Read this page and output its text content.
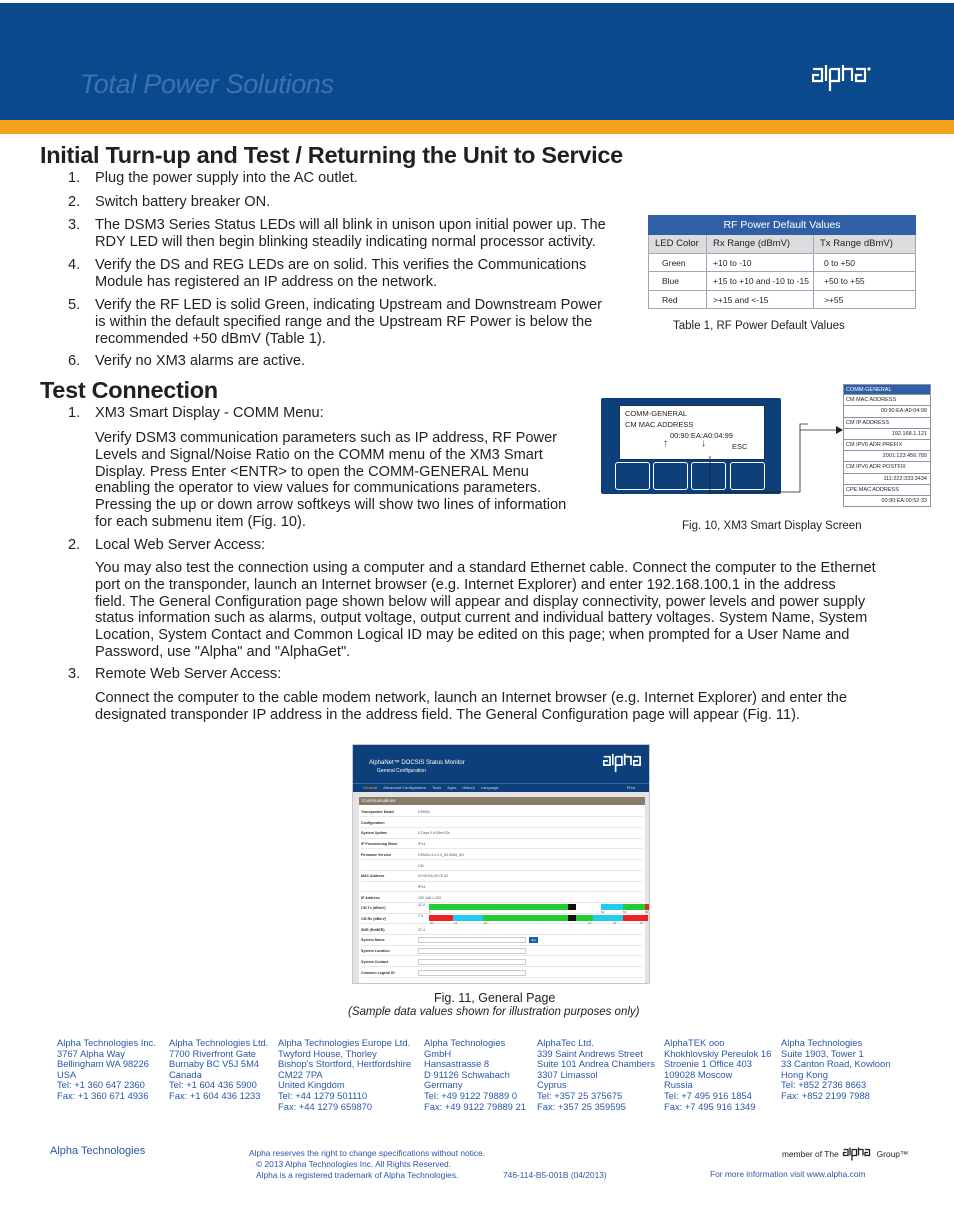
Total Power Solutions
Initial Turn-up and Test / Returning the Unit to Service
1. Plug the power supply into the AC outlet.
2. Switch battery breaker ON.
3. The DSM3 Series Status LEDs will all blink in unison upon initial power up. The
RDY LED will then begin blinking steadily indicating normal processor activity.
4. Verify the DS and REG LEDs are on solid. This verifies the Communications
Module has registered an IP address on the network.
5. Verify the RF LED is solid Green, indicating Upstream and Downstream Power
is within the default specified range and the Upstream RF Power is below the
recommended +50 dBmV (Table 1).
6. Verify no XM3 alarms are active.
RF Power Default Values
LED Color	Rx Range (dBmV)	Tx Range dBmV)
Green	+10 to -10	0 to +50
Blue	+15 to +10 and -10 to -15	+50 to +55
Red	>+15 and <-15	>+55
Table 1, RF Power Default Values
Test Connection
1. XM3 Smart Display - COMM Menu:
Verify DSM3 communication parameters such as IP address, RF Power
Levels and Signal/Noise Ratio on the COMM menu of the XM3 Smart
Display. Press Enter <ENTR> to open the COMM-GENERAL Menu
enabling the operator to view values for communications parameters.
Pressing the up or down arrow softkeys will show two lines of information
for each submenu item (Fig. 10).
2. Local Web Server Access:
You may also test the connection using a computer and a standard Ethernet cable. Connect the computer to the Ethernet
port on the transponder, launch an Internet browser (e.g. Internet Explorer) and enter 192.168.100.1 in the address
field. The General Configuration page shown below will appear and display connectivity, power levels and power supply
status information such as alarms, output voltage, output current and individual battery voltages. System Name, System
Location, System Contact and Common Logical ID may be edited on this page; when prompted for a User Name and
Password, use "Alpha" and "AlphaGet".
3. Remote Web Server Access:
Connect the computer to the cable modem network, launch an Internet browser (e.g. Internet Explorer) and enter the
designated transponder IP address in the address field. The General Configuration page will appear (Fig. 11).
COMM-GENERAL
CM MAC ADDRESS
00:90:EA:A0:04:99
↑	↓	ESC
COMM-GENERAL
CM MAC ADDRESS
00:90:EA:A0:04:99
CM IP ADDRESS
192.168.1.121
CM IPV6 ADR PREFIX
2001:123:456:789
CM IPV6 ADR POSTFIX
111:222:333:3434
CPE MAC ADDRESS
00:90:EA:00:52:33
Fig. 10, XM3 Smart Display Screen
AlphaNet™ DOCSIS Status Monitor
General Configuration
General Advanced Configuration Tools Apps History Language	Print
Communications
Transponder Model	DSM3x
Configuration
System Uptime	0 Days 0 h:05m:02s
IP Provisioning Mode	IPv4
Firmware Version	DSM3x-4.4.0.0_03.006d_SG
CM
MAC Address	00:90:EA:00:7E:42
IPv4
IP Address	192.168.1.163
CM Tx (dBmV)
42.0
0	30	50	60
CM Rx (dBmV)
7.5
-20	-15	-10	10	15	20
SNR (RxMER)	37.4
System Name	Set
System Location
System Contact
Common Logical ID
Fig. 11, General Page
(Sample data values shown for illustration purposes only)
Alpha Technologies Inc.
3767 Alpha Way
Bellingham WA 98226
USA
Tel: +1 360 647 2360
Fax: +1 360 671 4936
Alpha Technologies Ltd.
7700 Riverfront Gate
Burnaby BC V5J 5M4
Canada
Tel: +1 604 436 5900
Fax: +1 604 436 1233
Alpha Technologies Europe Ltd.
Twyford House, Thorley
Bishop's Stortford, Hertfordshire
CM22 7PA
United Kingdom
Tel: +44 1279 501110
Fax: +44 1279 659870
Alpha Technologies
GmbH
Hansastrasse 8
D 91126 Schwabach
Germany
Tel: +49 9122 79889 0
Fax: +49 9122 79889 21
AlphaTec Ltd.
339 Saint Andrews Street
Suite 101 Andrea Chambers
3307 Limassol
Cyprus
Tel: +357 25 375675
Fax: +357 25 359595
AlphaTEK ooo
Khokhlovskiy Pereulok 16
Stroenie 1 Office 403
109028 Moscow
Russia
Tel: +7 495 916 1854
Fax: +7 495 916 1349
Alpha Technologies
Suite 1903, Tower 1
33 Canton Road, Kowloon
Hong Kong
Tel: +852 2736 8663
Fax: +852 2199 7988
Alpha Technologies	Alpha reserves the right to change specifications without notice.
© 2013 Alpha Technologies Inc. All Rights Reserved.
Alpha is a registered trademark of Alpha Technologies.	746-114-B5-001B (04/2013)	For more information visit www.alpha.com
member of The	Group™
